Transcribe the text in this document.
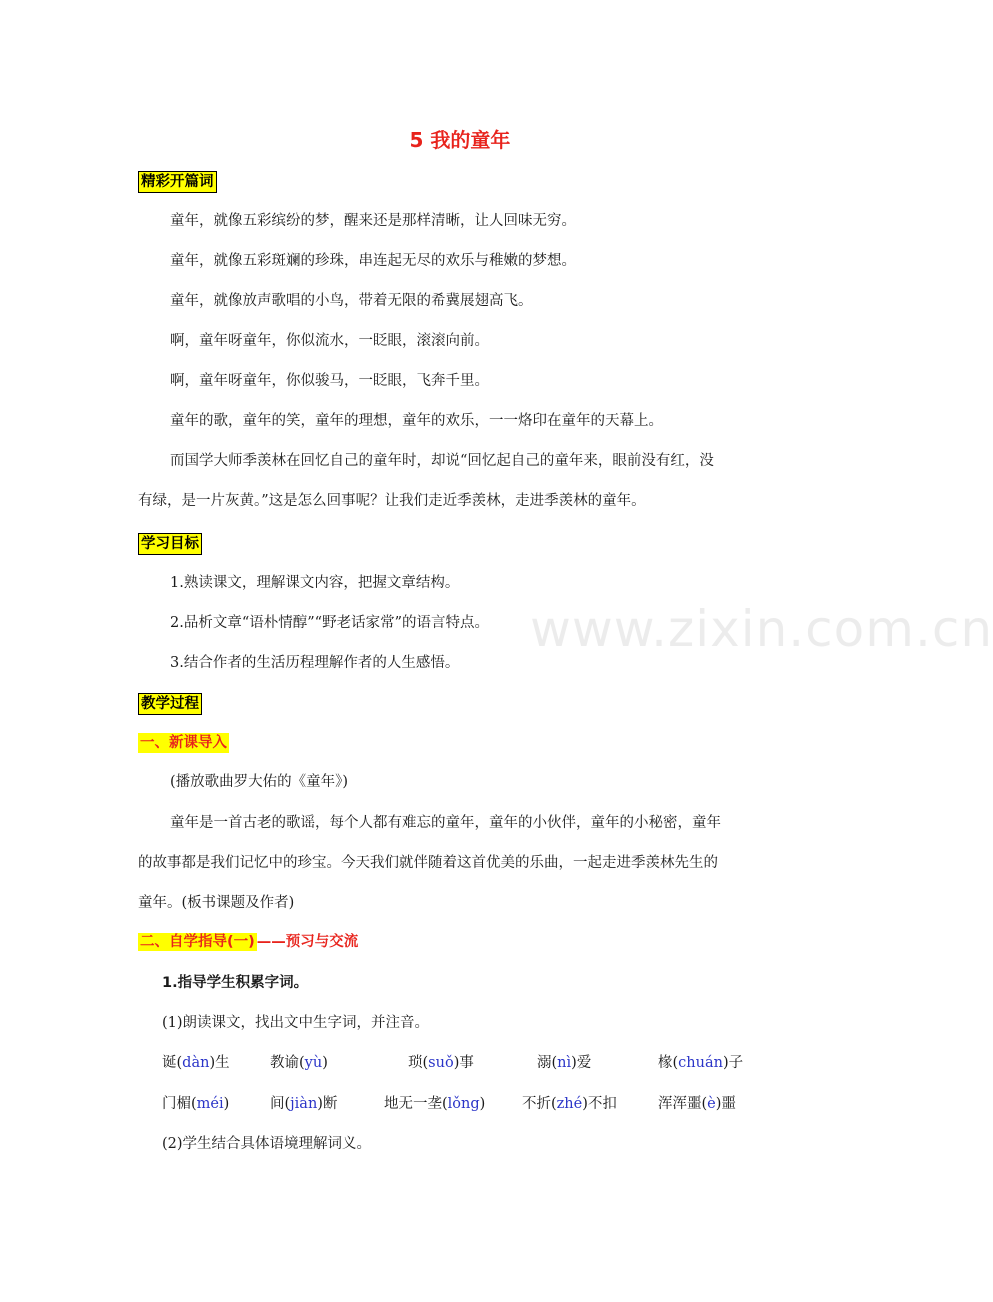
5 我的童年
精彩开篇词
童年，就像五彩缤纷的梦，醒来还是那样清晰，让人回味无穷。
童年，就像五彩斑斓的珍珠，串连起无尽的欢乐与稚嫩的梦想。
童年，就像放声歌唱的小鸟，带着无限的希冀展翅高飞。
啊，童年呀童年，你似流水，一眨眼，滚滚向前。
啊，童年呀童年，你似骏马，一眨眼，飞奔千里。
童年的歌，童年的笑，童年的理想，童年的欢乐，一一烙印在童年的天幕上。
而国学大师季羡林在回忆自己的童年时，却说“回忆起自己的童年来，眼前没有红，没
有绿，是一片灰黄。”这是怎么回事呢？让我们走近季羡林，走进季羡林的童年。
学习目标
1.熟读课文，理解课文内容，把握文章结构。
2.品析文章“语朴情醇”“野老话家常”的语言特点。
3.结合作者的生活历程理解作者的人生感悟。
www.zixin.com.cn
教学过程
一、新课导入
(播放歌曲罗大佑的《童年》)
童年是一首古老的歌谣，每个人都有难忘的童年，童年的小伙伴，童年的小秘密，童年
的故事都是我们记忆中的珍宝。今天我们就伴随着这首优美的乐曲，一起走进季羡林先生的
童年。(板书课题及作者)
二、自学指导(一) ——预习与交流
1.指导学生积累字词。
(1)朗读课文，找出文中生字词，并注音。
诞(dàn)生	教谕(yù)	琐(suǒ)事	溺(nì)爱	椽(chuán)子
门楣(méi)	间(jiàn)断	地无一垄(lǒng)	不折(zhé)不扣	浑浑噩(è)噩
(2)学生结合具体语境理解词义。
